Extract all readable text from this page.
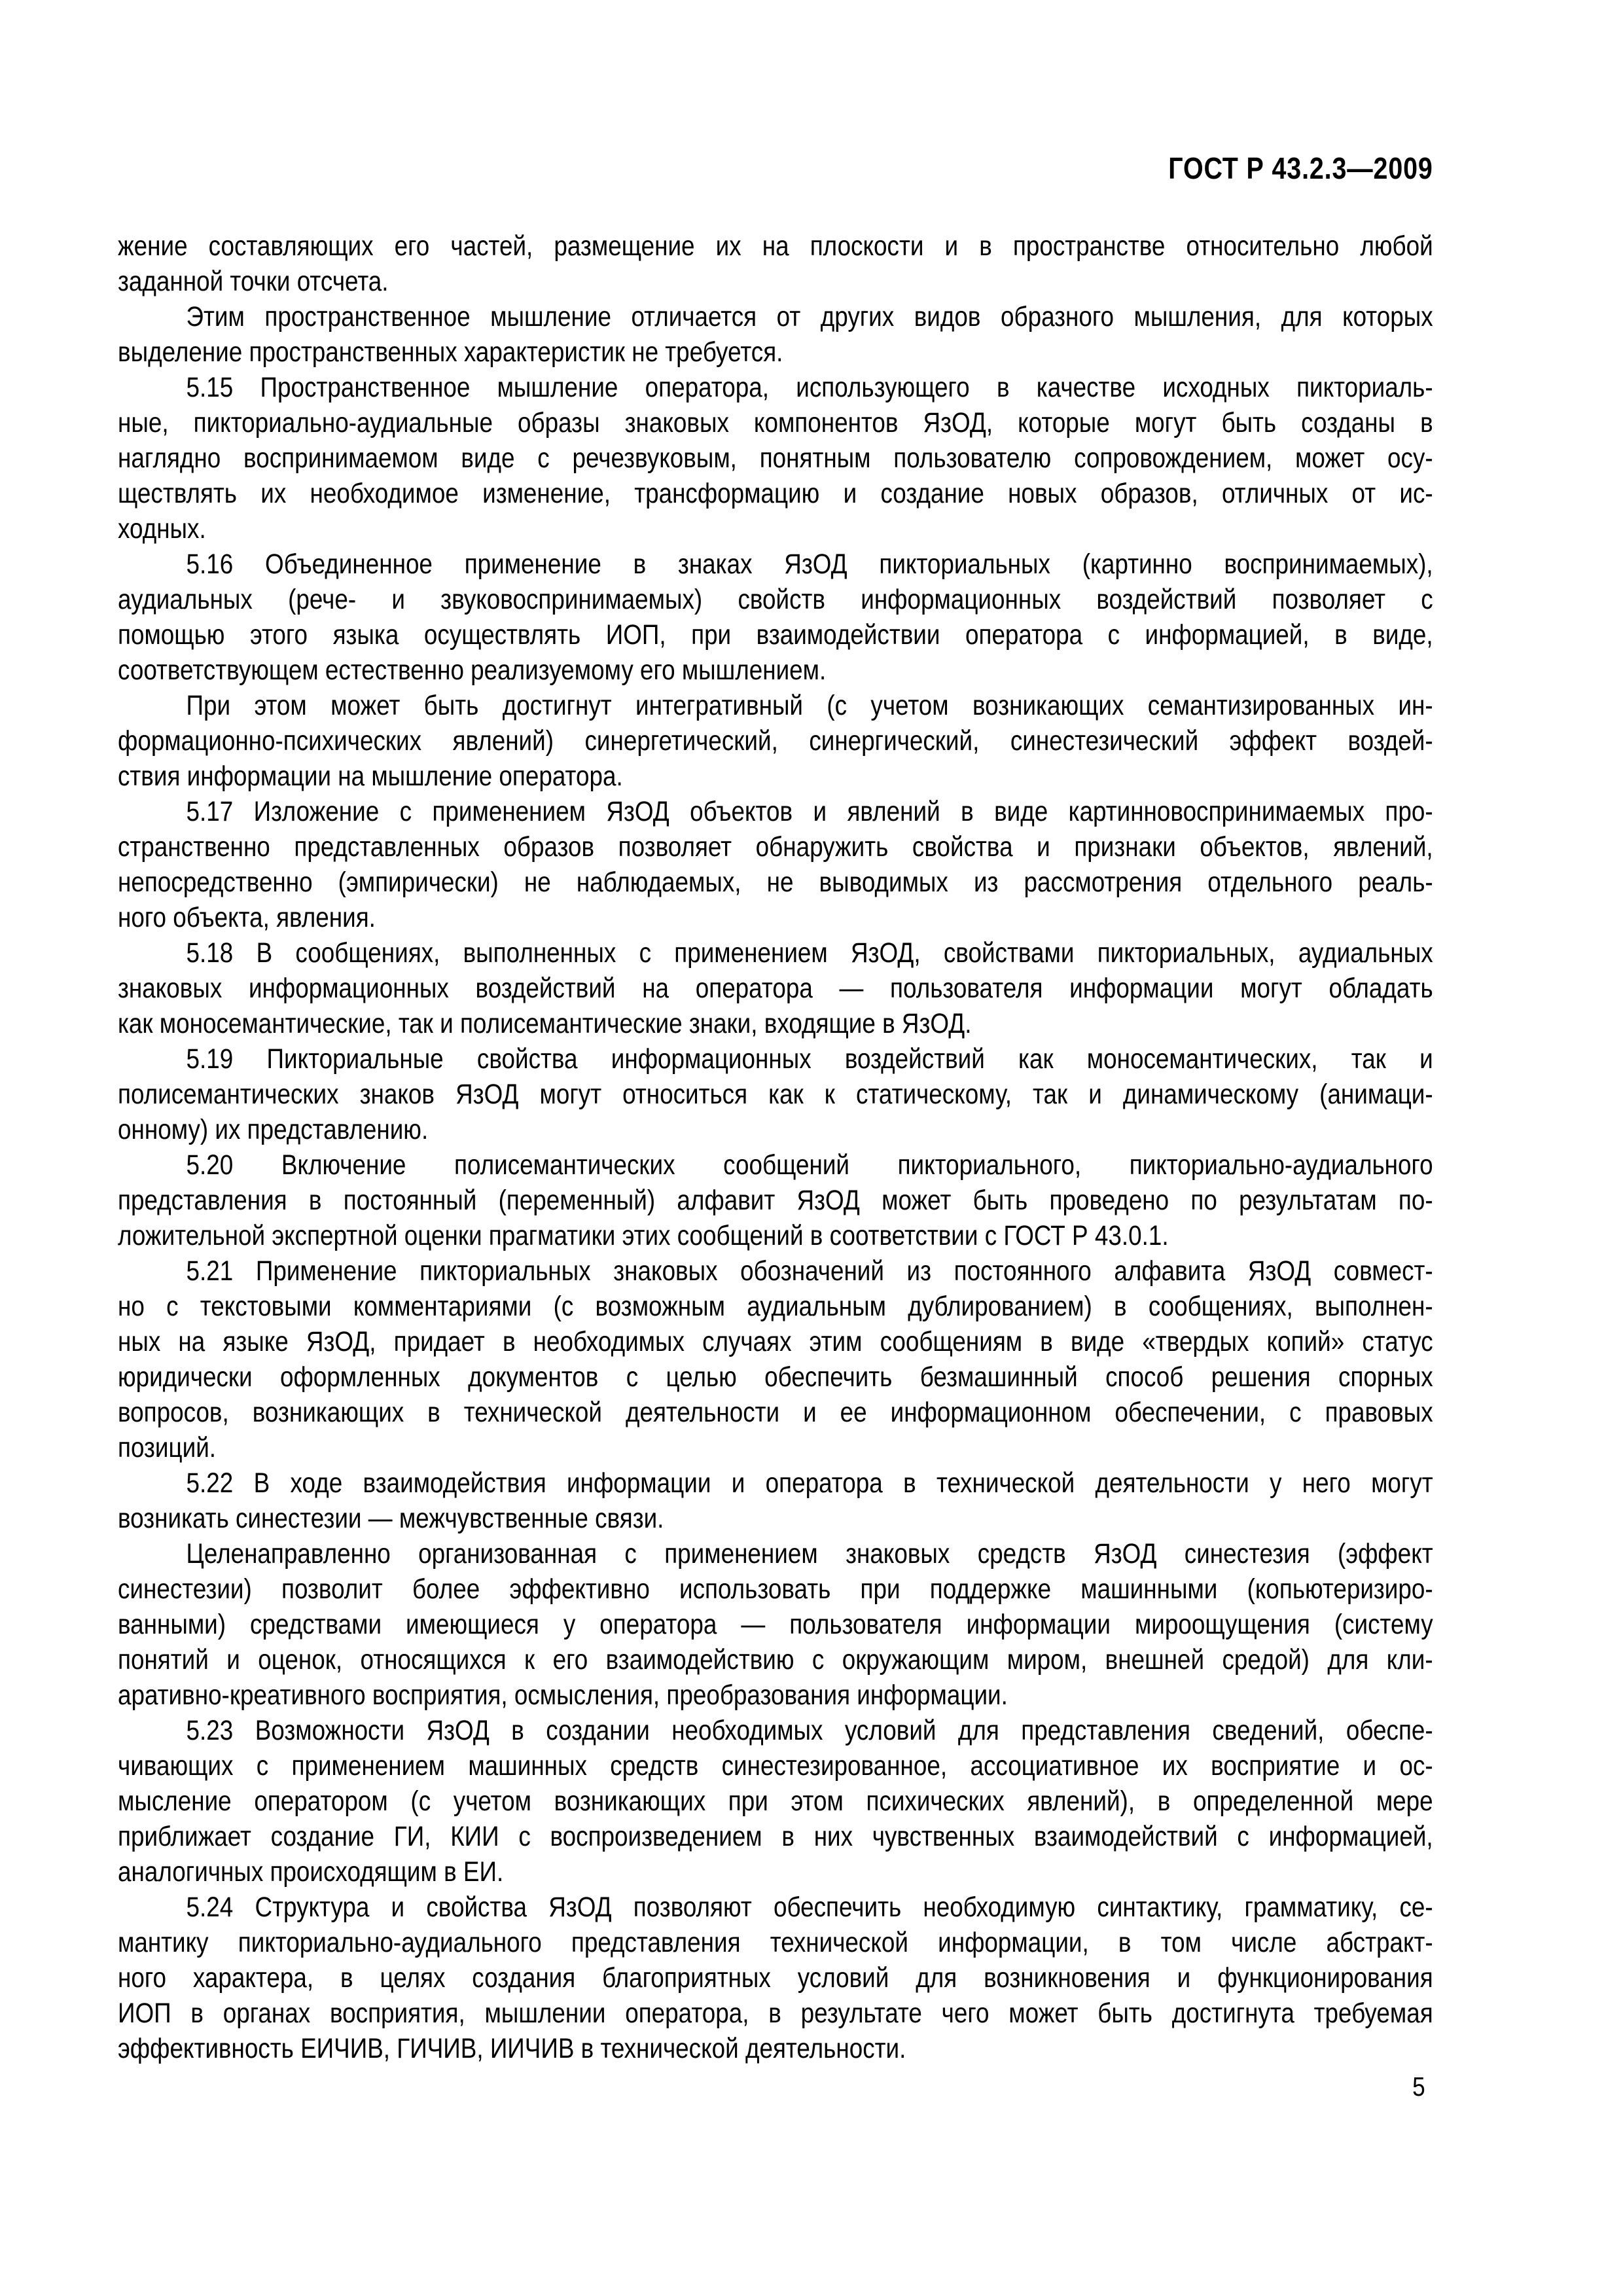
ГОСТ Р 43.2.3—2009
жение составляющих его частей, размещение их на плоскости и в пространстве относительно любой
заданной точки отсчета.
Этим пространственное мышление отличается от других видов образного мышления, для которых
выделение пространственных характеристик не требуется.
5.15 Пространственное мышление оператора, использующего в качестве исходных пикториаль-
ные, пикториально-аудиальные образы знаковых компонентов ЯзОД, которые могут быть созданы в
наглядно воспринимаемом виде с речезвуковым, понятным пользователю сопровождением, может осу-
ществлять их необходимое изменение, трансформацию и создание новых образов, отличных от ис-
ходных.
5.16 Объединенное применение в знаках ЯзОД пикториальных (картинно воспринимаемых),
аудиальных (рече- и звуковоспринимаемых) свойств информационных воздействий позволяет с
помощью этого языка осуществлять ИОП, при взаимодействии оператора с информацией, в виде,
соответствующем естественно реализуемому его мышлением.
При этом может быть достигнут интегративный (с учетом возникающих семантизированных ин-
формационно-психических явлений) синергетический, синергический, синестезический эффект воздей-
ствия информации на мышление оператора.
5.17 Изложение с применением ЯзОД объектов и явлений в виде картинновоспринимаемых про-
странственно представленных образов позволяет обнаружить свойства и признаки объектов, явлений,
непосредственно (эмпирически) не наблюдаемых, не выводимых из рассмотрения отдельного реаль-
ного объекта, явления.
5.18 В сообщениях, выполненных с применением ЯзОД, свойствами пикториальных, аудиальных
знаковых информационных воздействий на оператора — пользователя информации могут обладать
как моносемантические, так и полисемантические знаки, входящие в ЯзОД.
5.19 Пикториальные свойства информационных воздействий как моносемантических, так и
полисемантических знаков ЯзОД могут относиться как к статическому, так и динамическому (анимаци-
онному) их представлению.
5.20 Включение полисемантических сообщений пикториального, пикториально-аудиального
представления в постоянный (переменный) алфавит ЯзОД может быть проведено по результатам по-
ложительной экспертной оценки прагматики этих сообщений в соответствии с ГОСТ Р 43.0.1.
5.21 Применение пикториальных знаковых обозначений из постоянного алфавита ЯзОД совмест-
но с текстовыми комментариями (с возможным аудиальным дублированием) в сообщениях, выполнен-
ных на языке ЯзОД, придает в необходимых случаях этим сообщениям в виде «твердых копий» статус
юридически оформленных документов с целью обеспечить безмашинный способ решения спорных
вопросов, возникающих в технической деятельности и ее информационном обеспечении, с правовых
позиций.
5.22 В ходе взаимодействия информации и оператора в технической деятельности у него могут
возникать синестезии — межчувственные связи.
Целенаправленно организованная с применением знаковых средств ЯзОД синестезия (эффект
синестезии) позволит более эффективно использовать при поддержке машинными (копьютеризиро-
ванными) средствами имеющиеся у оператора — пользователя информации мироощущения (систему
понятий и оценок, относящихся к его взаимодействию с окружающим миром, внешней средой) для кли-
аративно-креативного восприятия, осмысления, преобразования информации.
5.23 Возможности ЯзОД в создании необходимых условий для представления сведений, обеспе-
чивающих с применением машинных средств синестезированное, ассоциативное их восприятие и ос-
мысление оператором (с учетом возникающих при этом психических явлений), в определенной мере
приближает создание ГИ, КИИ с воспроизведением в них чувственных взаимодействий с информацией,
аналогичных происходящим в ЕИ.
5.24 Структура и свойства ЯзОД позволяют обеспечить необходимую синтактику, грамматику, се-
мантику пикториально-аудиального представления технической информации, в том числе абстракт-
ного характера, в целях создания благоприятных условий для возникновения и функционирования
ИОП в органах восприятия, мышлении оператора, в результате чего может быть достигнута требуемая
эффективность ЕИЧИВ, ГИЧИВ, ИИЧИВ в технической деятельности.
5
